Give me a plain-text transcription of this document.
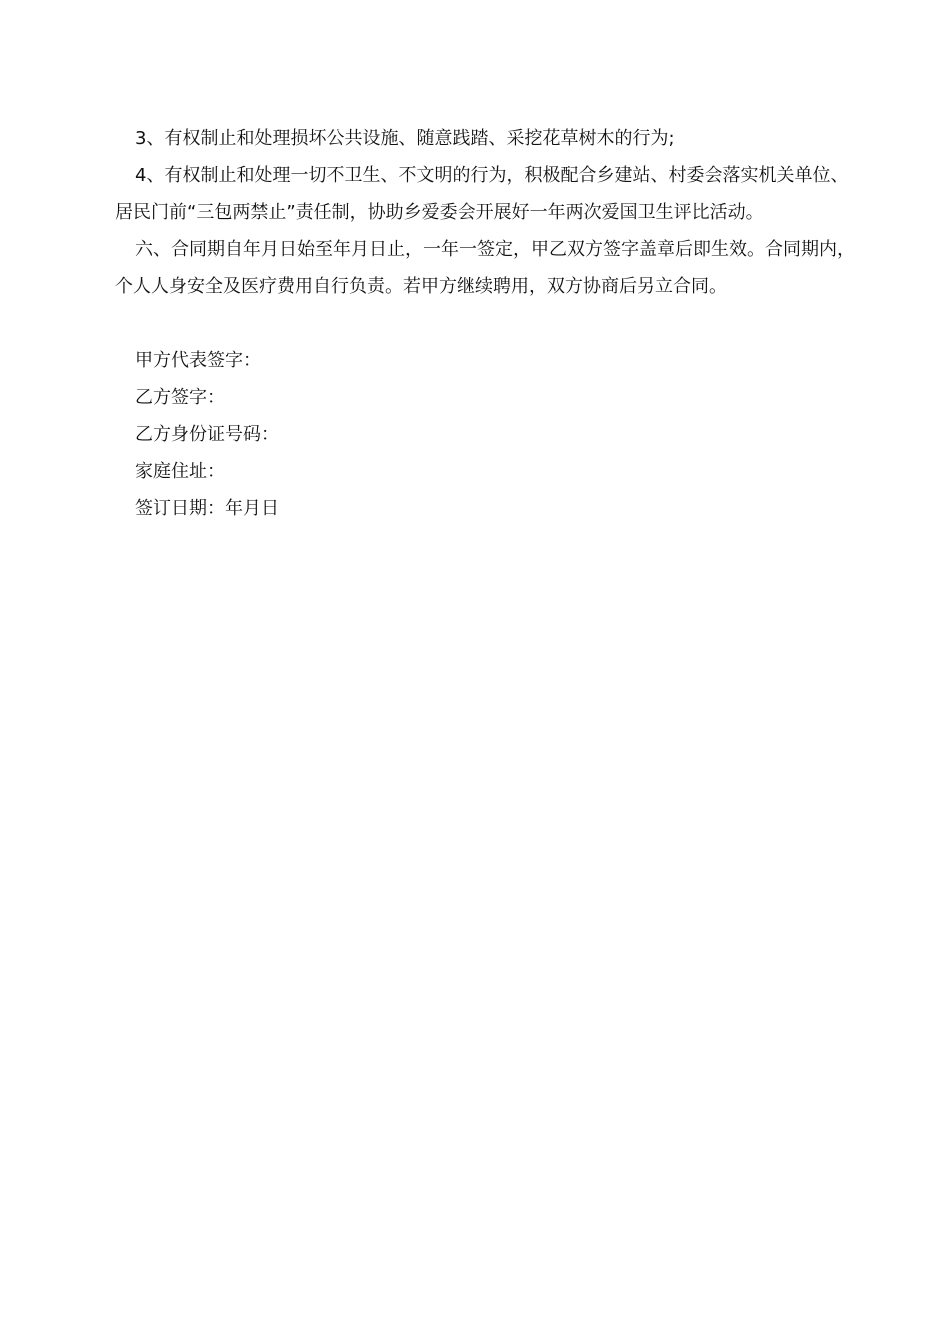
3、有权制止和处理损坏公共设施、随意践踏、采挖花草树木的行为;

4、有权制止和处理一切不卫生、不文明的行为，积极配合乡建站、村委会落实机关单位、居民门前“三包两禁止”责任制，协助乡爱委会开展好一年两次爱国卫生评比活动。

六、合同期自年月日始至年月日止，一年一签定，甲乙双方签字盖章后即生效。合同期内，个人人身安全及医疗费用自行负责。若甲方继续聘用，双方协商后另立合同。

甲方代表签字：

乙方签字：

乙方身份证号码：

家庭住址：

签订日期：年月日
